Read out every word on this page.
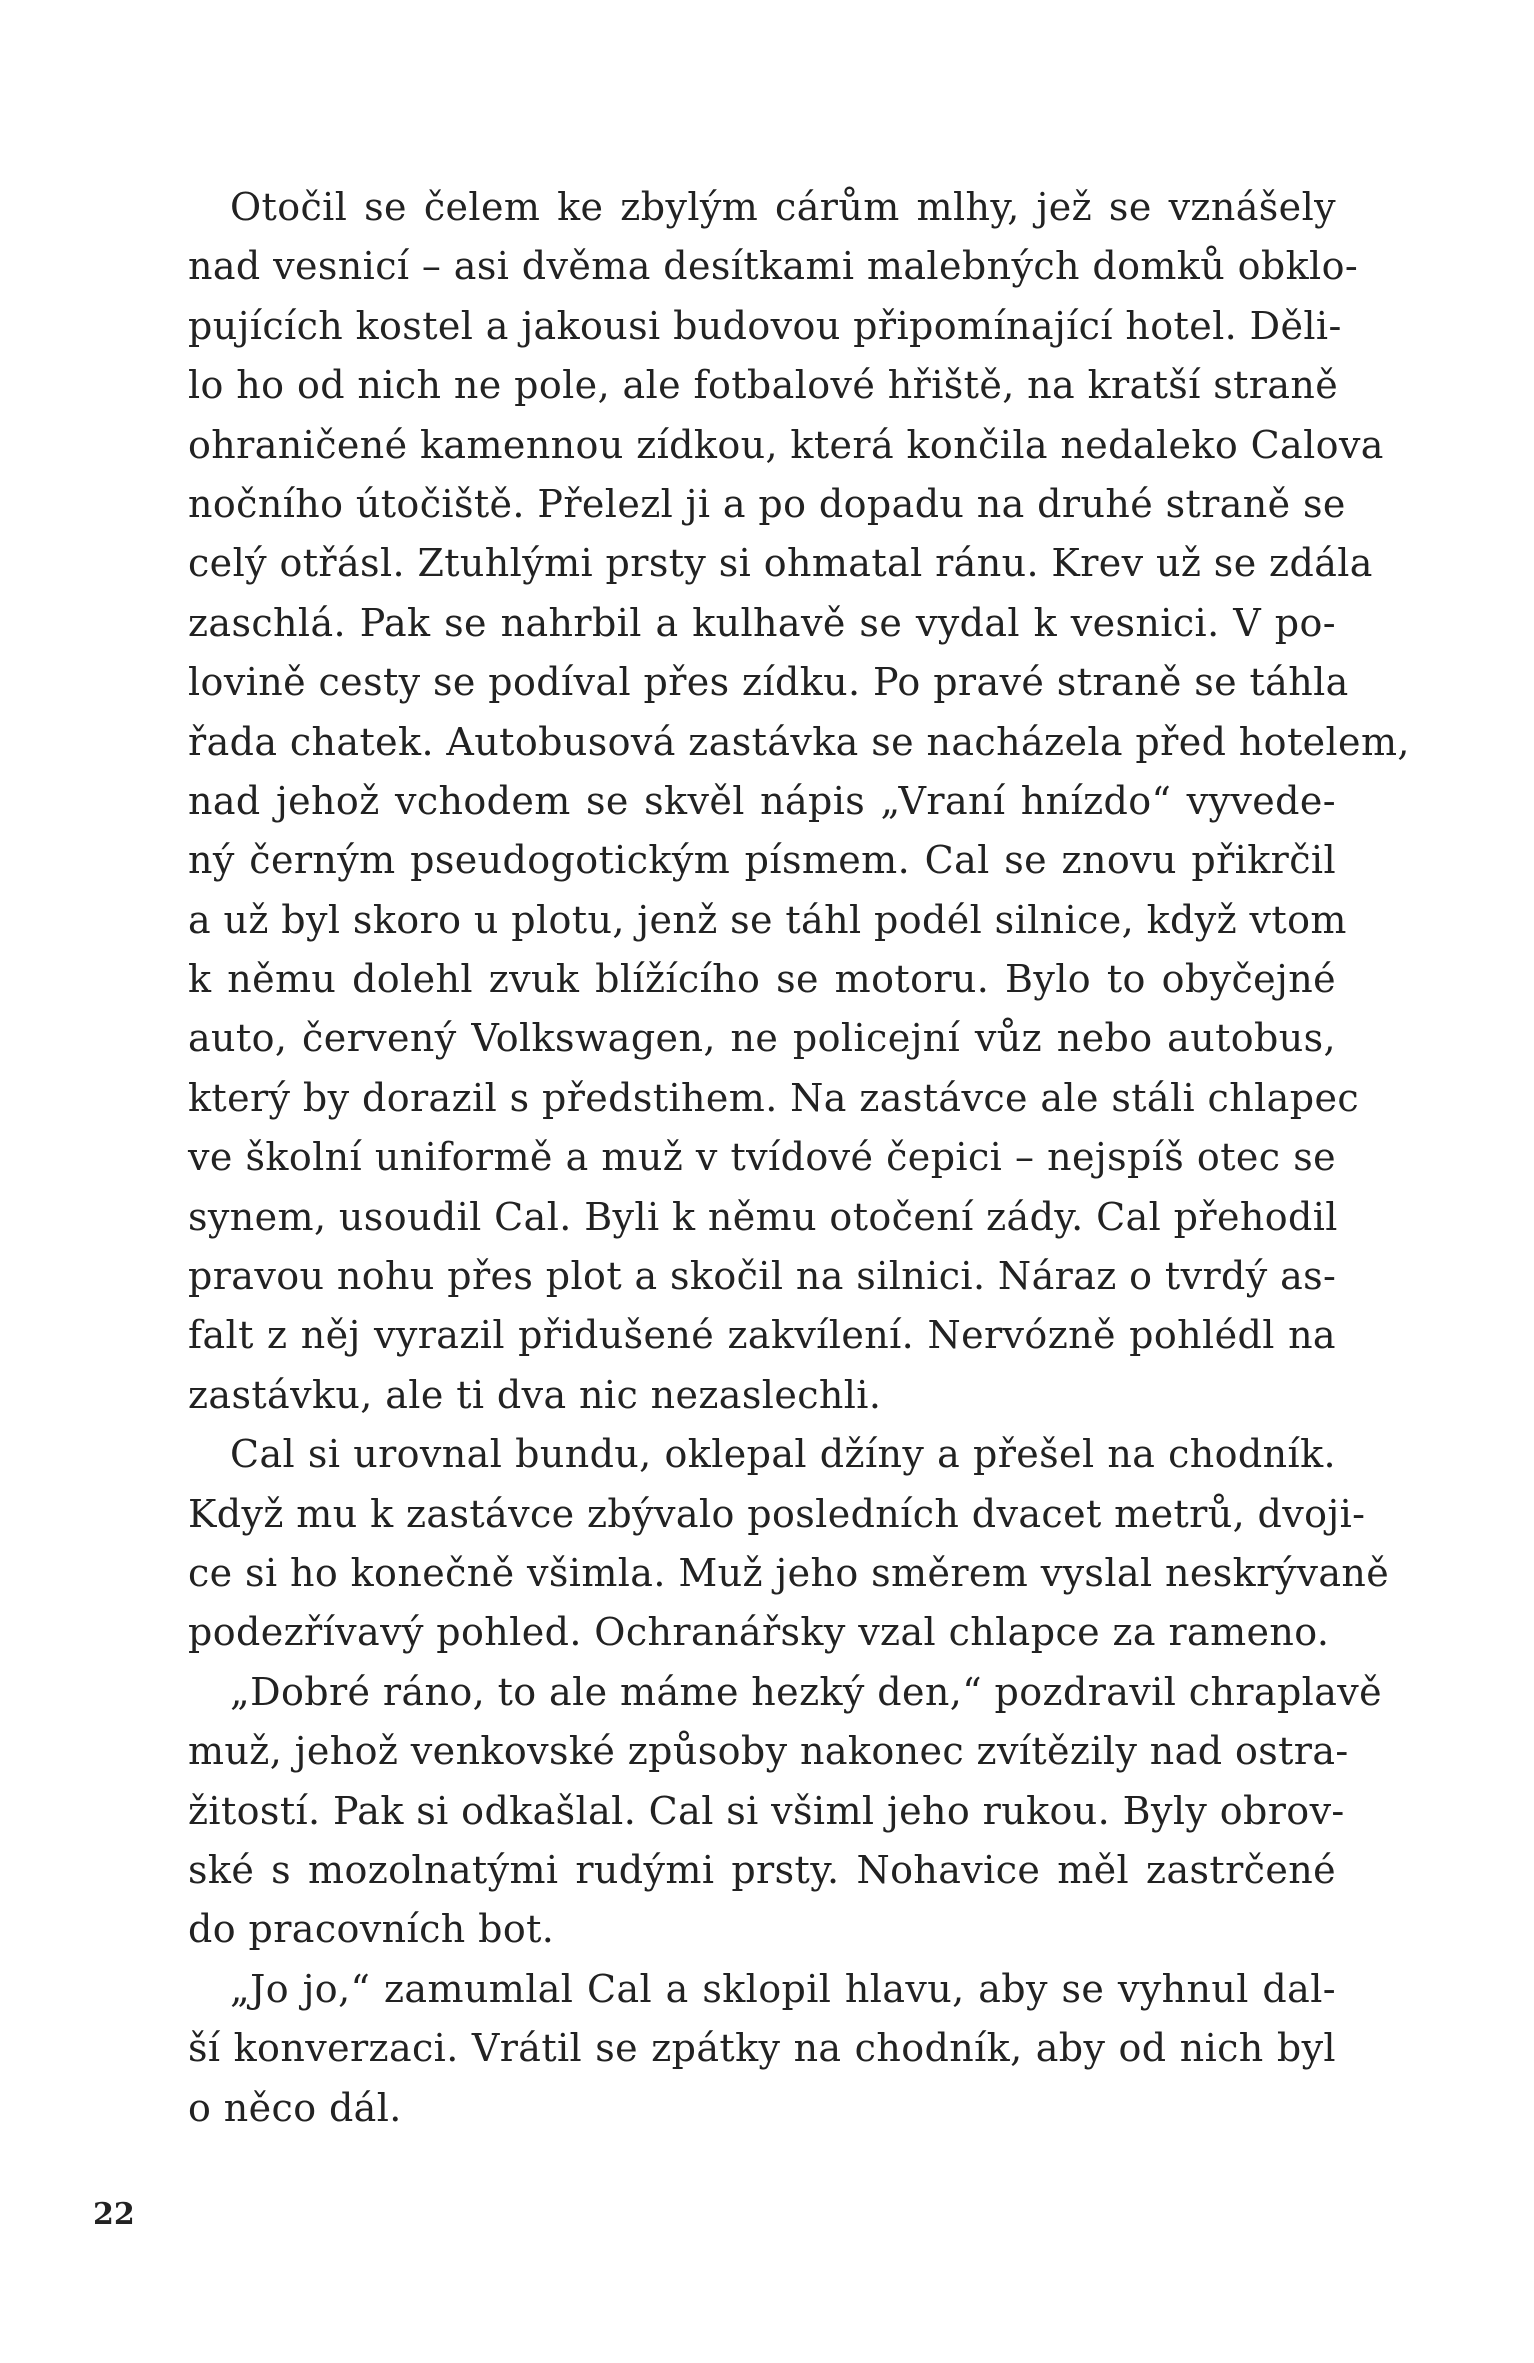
Otočil se čelem ke zbylým cárům mlhy, jež se vznášely
nad vesnicí – asi dvěma desítkami malebných domků obklo-
pujících kostel a jakousi budovou připomínající hotel. Děli-
lo ho od nich ne pole, ale fotbalové hřiště, na kratší straně
ohraničené kamennou zídkou, která končila nedaleko Calova
nočního útočiště. Přelezl ji a po dopadu na druhé straně se
celý otřásl. Ztuhlými prsty si ohmatal ránu. Krev už se zdála
zaschlá. Pak se nahrbil a kulhavě se vydal k vesnici. V po-
lovině cesty se podíval přes zídku. Po pravé straně se táhla
řada chatek. Autobusová zastávka se nacházela před hotelem,
nad jehož vchodem se skvěl nápis „Vraní hnízdo“ vyvede-
ný černým pseudogotickým písmem. Cal se znovu přikrčil
a už byl skoro u plotu, jenž se táhl podél silnice, když vtom
k němu dolehl zvuk blížícího se motoru. Bylo to obyčejné
auto, červený Volkswagen, ne policejní vůz nebo autobus,
který by dorazil s předstihem. Na zastávce ale stáli chlapec
ve školní uniformě a muž v tvídové čepici – nejspíš otec se
synem, usoudil Cal. Byli k němu otočení zády. Cal přehodil
pravou nohu přes plot a skočil na silnici. Náraz o tvrdý as-
falt z něj vyrazil přidušené zakvílení. Nervózně pohlédl na
zastávku, ale ti dva nic nezaslechli.
Cal si urovnal bundu, oklepal džíny a přešel na chodník.
Když mu k zastávce zbývalo posledních dvacet metrů, dvoji-
ce si ho konečně všimla. Muž jeho směrem vyslal neskrývaně
podezřívavý pohled. Ochranářsky vzal chlapce za rameno.
„Dobré ráno, to ale máme hezký den,“ pozdravil chraplavě
muž, jehož venkovské způsoby nakonec zvítězily nad ostra-
žitostí. Pak si odkašlal. Cal si všiml jeho rukou. Byly obrov-
ské s mozolnatými rudými prsty. Nohavice měl zastrčené
do pracovních bot.
„Jo jo,“ zamumlal Cal a sklopil hlavu, aby se vyhnul dal-
ší konverzaci. Vrátil se zpátky na chodník, aby od nich byl
o něco dál.
22
